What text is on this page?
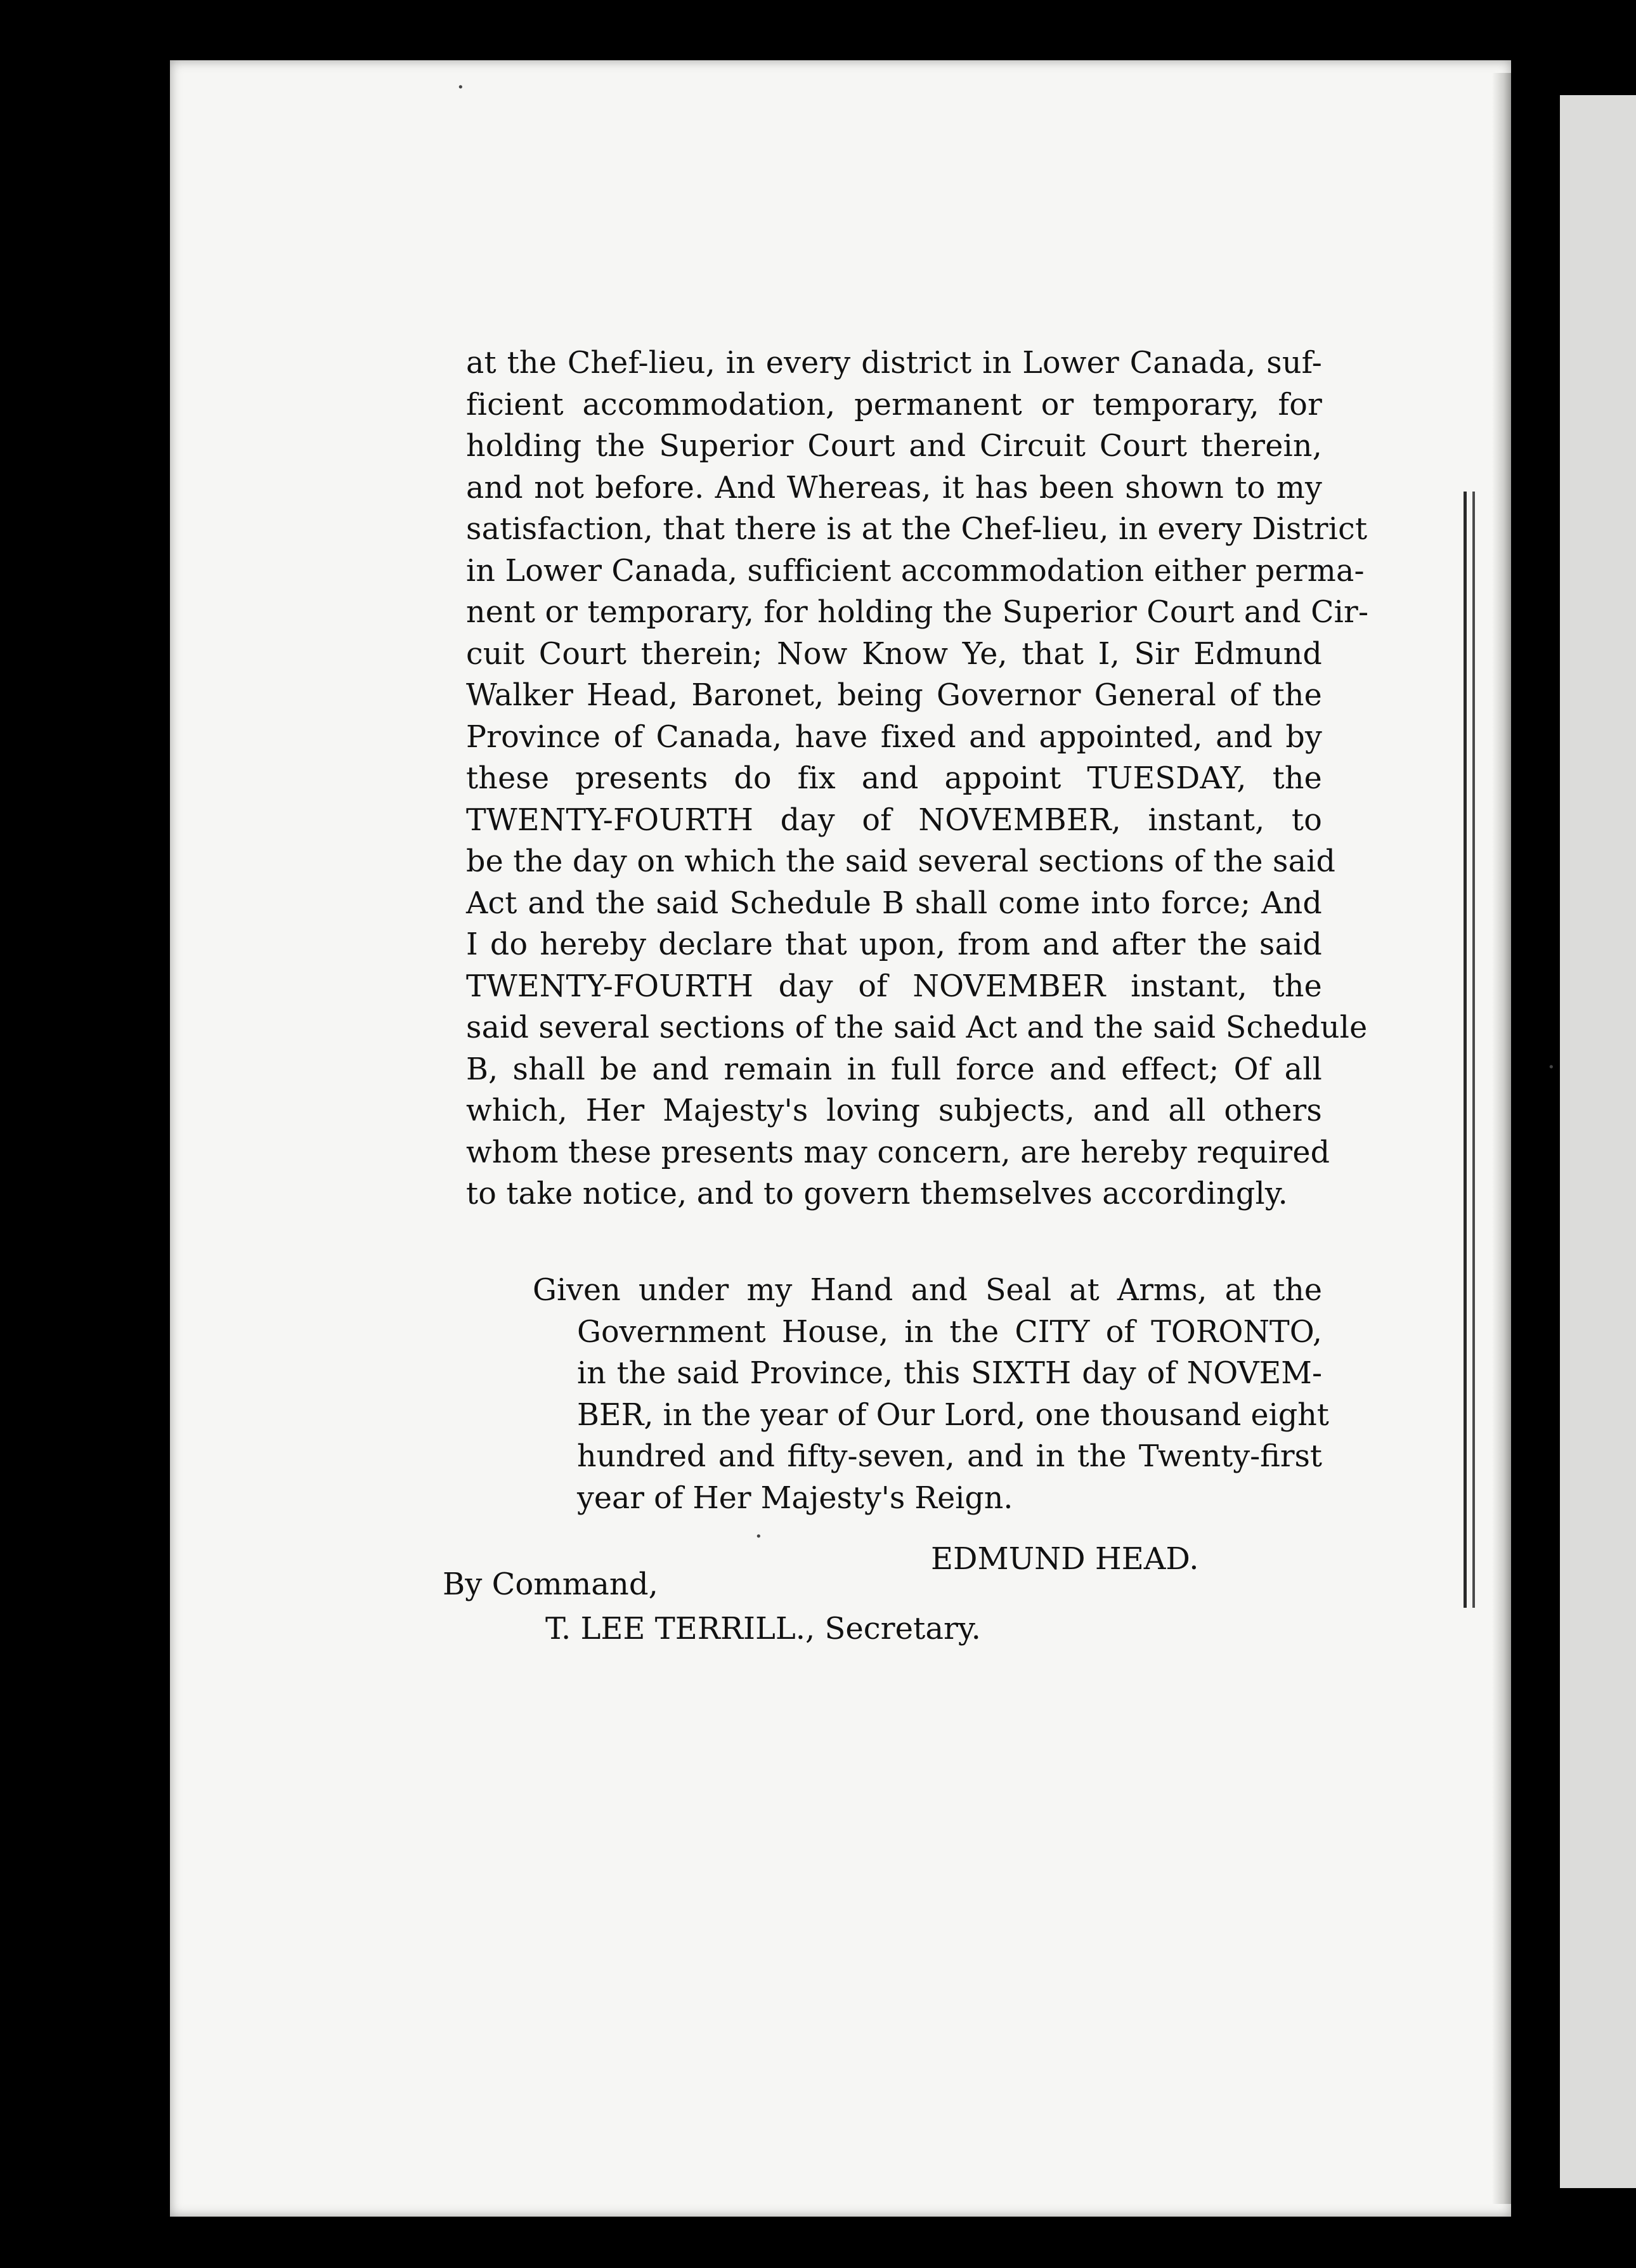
at the Chef-lieu, in every district in Lower Canada, suf-
ficient accommodation, permanent or temporary, for
holding the Superior Court and Circuit Court therein,
and not before. And Whereas, it has been shown to my
satisfaction, that there is at the Chef-lieu, in every District
in Lower Canada, sufficient accommodation either perma-
nent or temporary, for holding the Superior Court and Cir-
cuit Court therein; Now Know Ye, that I, Sir Edmund
Walker Head, Baronet, being Governor General of the
Province of Canada, have fixed and appointed, and by
these presents do fix and appoint TUESDAY, the
TWENTY-FOURTH day of NOVEMBER, instant, to
be the day on which the said several sections of the said
Act and the said Schedule B shall come into force; And
I do hereby declare that upon, from and after the said
TWENTY-FOURTH day of NOVEMBER instant, the
said several sections of the said Act and the said Schedule
B, shall be and remain in full force and effect; Of all
which, Her Majesty's loving subjects, and all others
whom these presents may concern, are hereby required
to take notice, and to govern themselves accordingly.
Given under my Hand and Seal at Arms, at the
Government House, in the CITY of TORONTO,
in the said Province, this SIXTH day of NOVEM-
BER, in the year of Our Lord, one thousand eight
hundred and fifty-seven, and in the Twenty-first
year of Her Majesty's Reign.
EDMUND HEAD.
By Command,
T. LEE TERRILL., Secretary.
·
·
·
